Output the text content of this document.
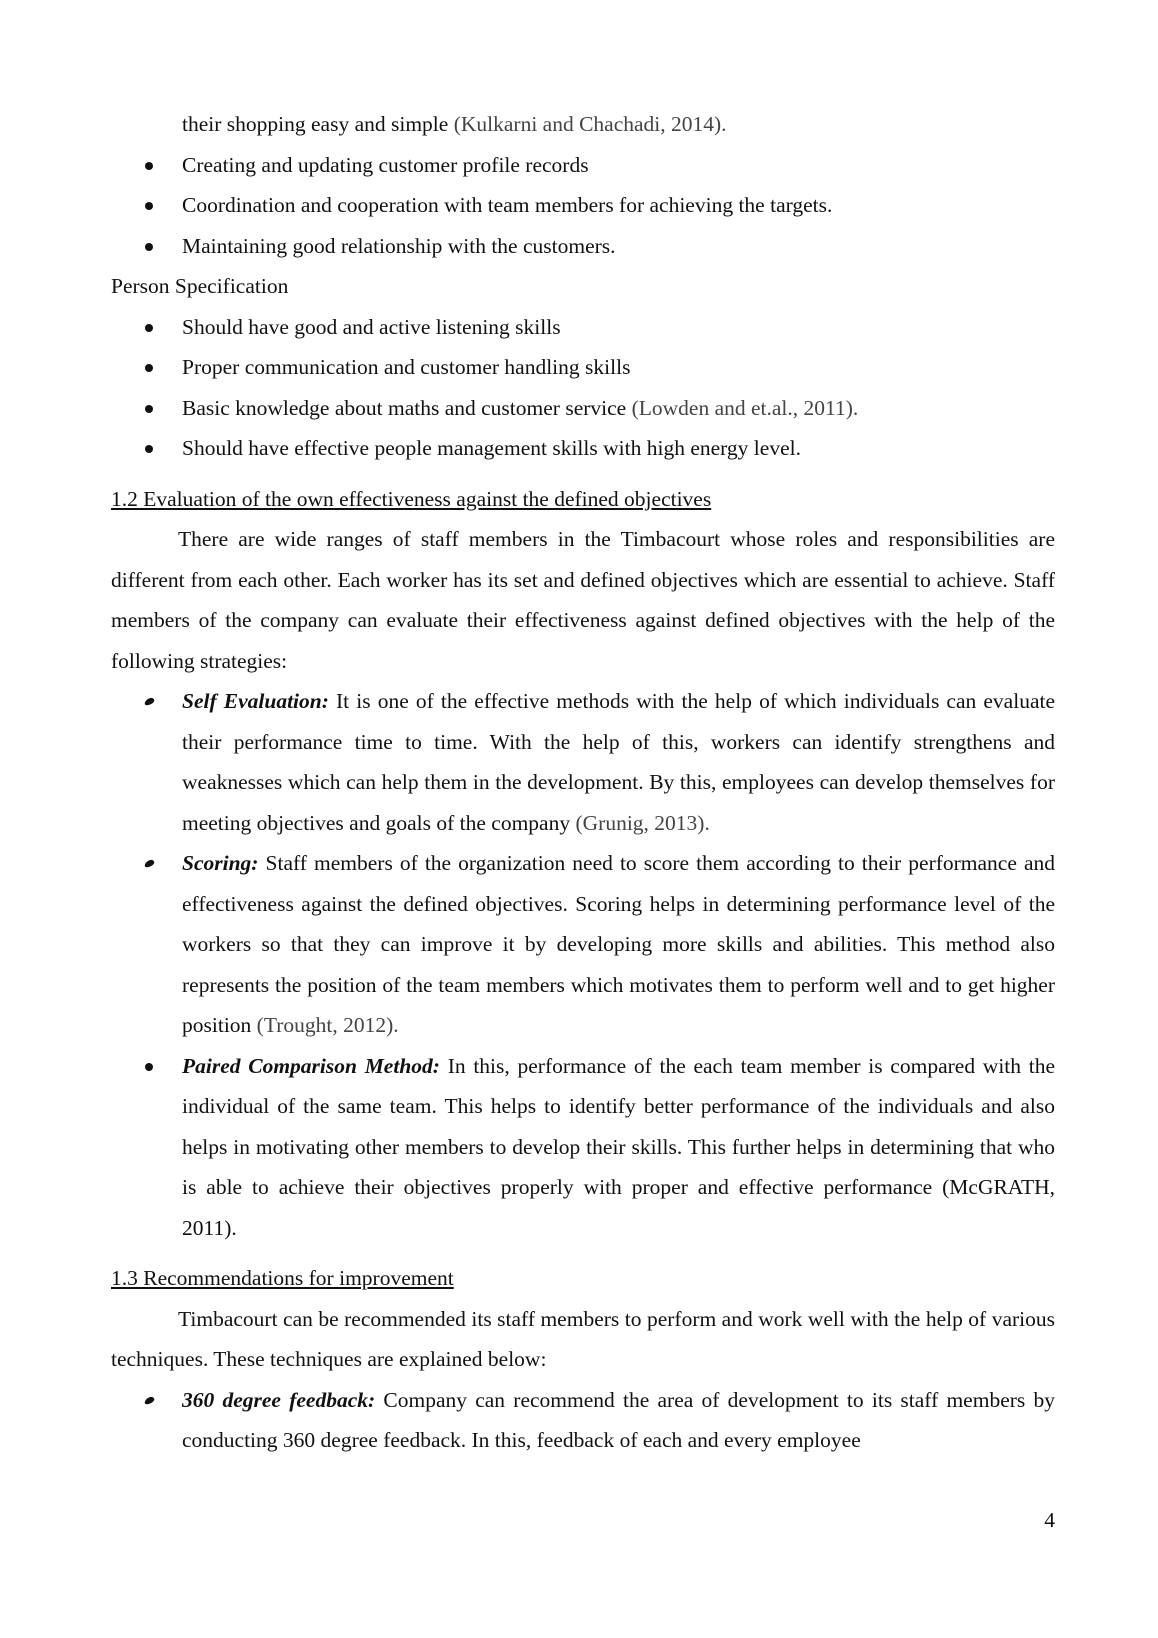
their shopping easy and simple (Kulkarni and Chachadi, 2014).
Creating and updating customer profile records
Coordination and cooperation with team members for achieving the targets.
Maintaining good relationship with the customers.
Person Specification
Should have good and active listening skills
Proper communication and customer handling skills
Basic knowledge about maths and customer service (Lowden and et.al., 2011).
Should have effective people management skills with high energy level.
1.2 Evaluation of the own effectiveness against the defined objectives
There are wide ranges of staff members in the Timbacourt whose roles and responsibilities are different from each other. Each worker has its set and defined objectives which are essential to achieve. Staff members of the company can evaluate their effectiveness against defined objectives with the help of the following strategies:
Self Evaluation: It is one of the effective methods with the help of which individuals can evaluate their performance time to time. With the help of this, workers can identify strengthens and weaknesses which can help them in the development. By this, employees can develop themselves for meeting objectives and goals of the company (Grunig, 2013).
Scoring: Staff members of the organization need to score them according to their performance and effectiveness against the defined objectives. Scoring helps in determining performance level of the workers so that they can improve it by developing more skills and abilities. This method also represents the position of the team members which motivates them to perform well and to get higher position (Trought, 2012).
Paired Comparison Method: In this, performance of the each team member is compared with the individual of the same team. This helps to identify better performance of the individuals and also helps in motivating other members to develop their skills. This further helps in determining that who is able to achieve their objectives properly with proper and effective performance (McGRATH, 2011).
1.3 Recommendations for improvement
Timbacourt can be recommended its staff members to perform and work well with the help of various techniques. These techniques are explained below:
360 degree feedback: Company can recommend the area of development to its staff members by conducting 360 degree feedback. In this, feedback of each and every employee
4
